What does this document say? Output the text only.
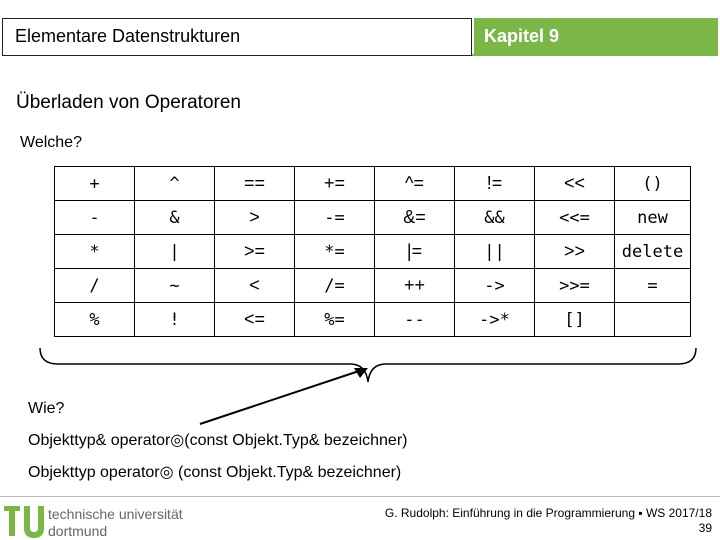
Elementare Datenstrukturen	Kapitel 9
Überladen von Operatoren
Welche?
+	^	==	+=	^=	!=	<<	()
-	&	>	-=	&=	&&	<<=	new
*	|	>=	*=	|=	||	>>	delete
/	~	<	/=	++	->	>>=	=
%	!	<=	%=	--	->*	[]	
Wie?
Objekttyp& operator◎(const Objekt.Typ& bezeichner)
Objekttyp operator◎ (const Objekt.Typ& bezeichner)
technische universität
dortmund
G. Rudolph: Einführung in die Programmierung ▪ WS 2017/18
39
